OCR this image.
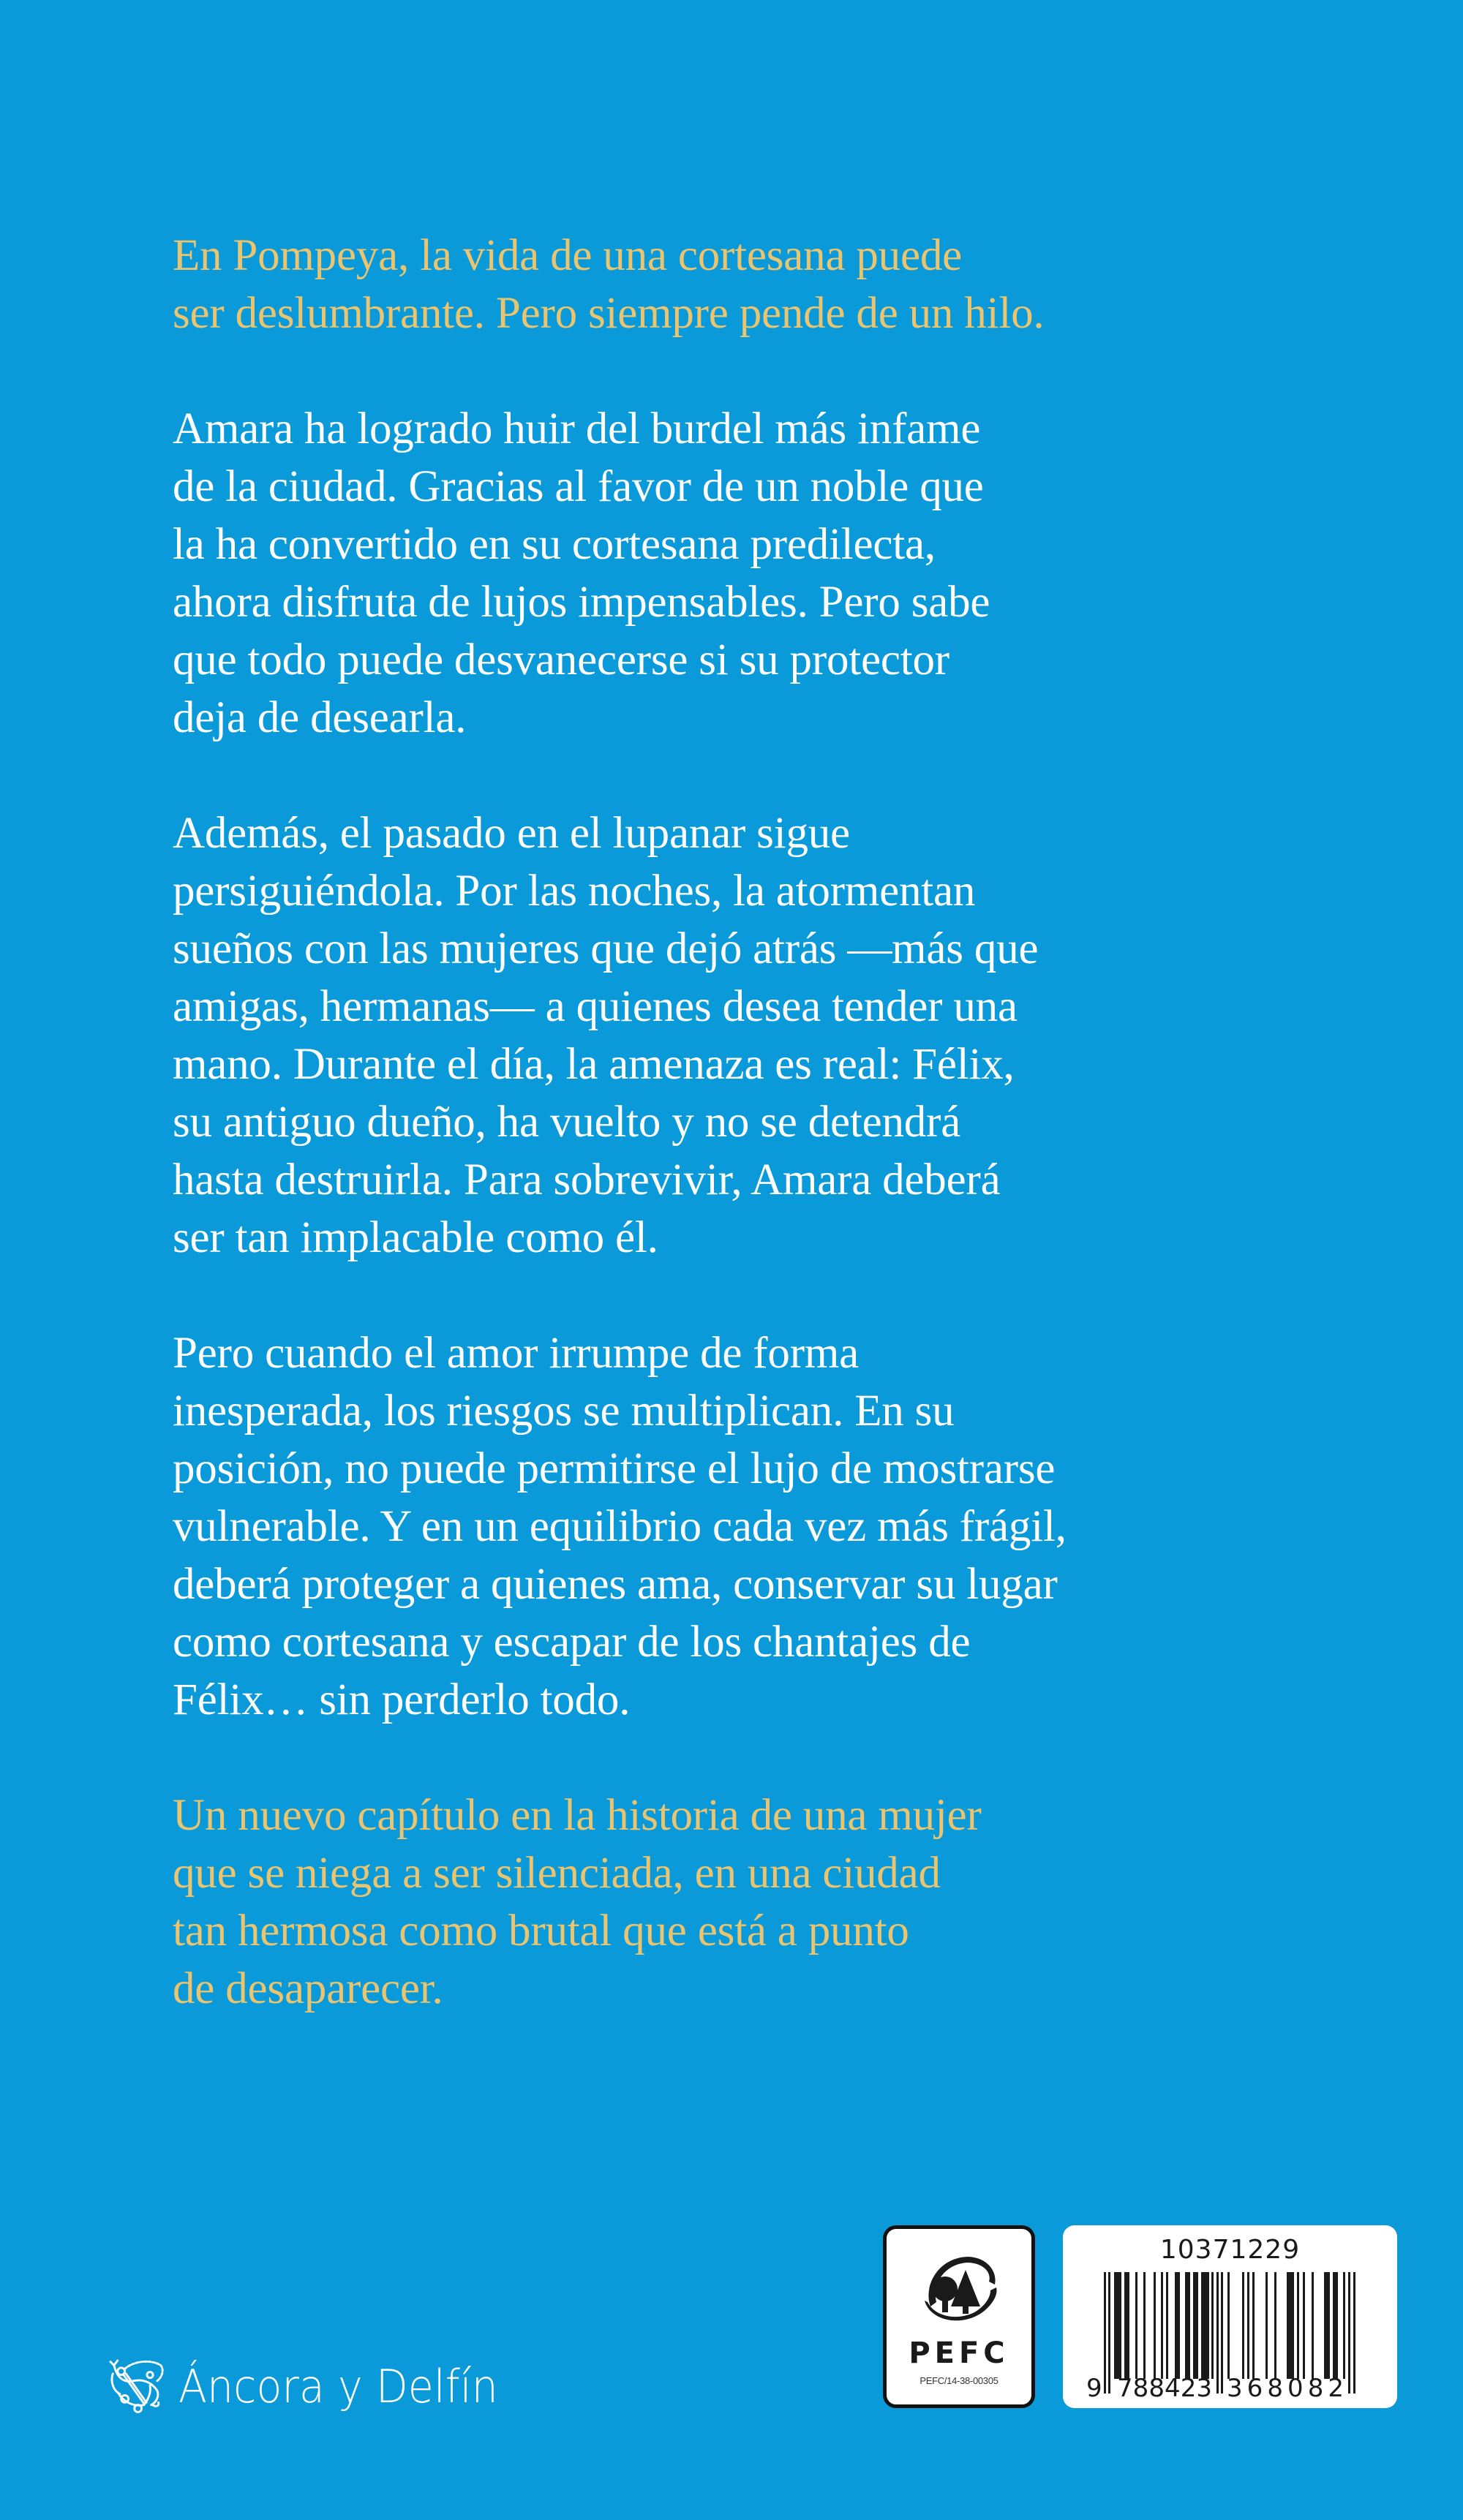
En Pompeya, la vida de una cortesana puede
ser deslumbrante. Pero siempre pende de un hilo.
Amara ha logrado huir del burdel más infame
de la ciudad. Gracias al favor de un noble que
la ha convertido en su cortesana predilecta,
ahora disfruta de lujos impensables. Pero sabe
que todo puede desvanecerse si su protector
deja de desearla.
Además, el pasado en el lupanar sigue
persiguiéndola. Por las noches, la atormentan
sueños con las mujeres que dejó atrás —más que
amigas, hermanas— a quienes desea tender una
mano. Durante el día, la amenaza es real: Félix,
su antiguo dueño, ha vuelto y no se detendrá
hasta destruirla. Para sobrevivir, Amara deberá
ser tan implacable como él.
Pero cuando el amor irrumpe de forma
inesperada, los riesgos se multiplican. En su
posición, no puede permitirse el lujo de mostrarse
vulnerable. Y en un equilibrio cada vez más frágil,
deberá proteger a quienes ama, conservar su lugar
como cortesana y escapar de los chantajes de
Félix… sin perderlo todo.
Un nuevo capítulo en la historia de una mujer
que se niega a ser silenciada, en una ciudad
tan hermosa como brutal que está a punto
de desaparecer.
Áncora y Delfín
PEFC
PEFC/14-38-00305
10371229
9 788423 368082
